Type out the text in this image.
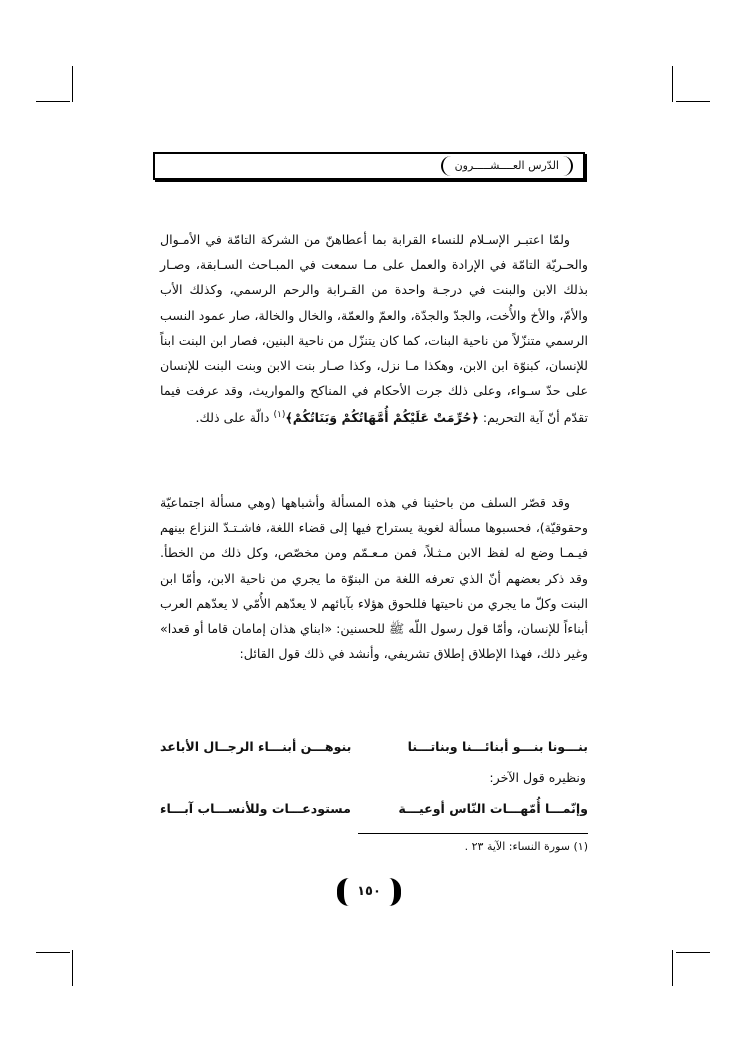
الدّرس العــــشـــــرون

ولمّا اعتبـر الإسـلام للنساء القرابة بما أعطاهنّ من الشركة التامّة في الأمـوال والحـريّة التامّة في الإرادة والعمل على مـا سمعت في المبـاحث السـابقة، وصـار بذلك الابن والبنت في درجـة واحدة من القـرابة والرحم الرسمي، وكذلك الأب والأمّ، والأخ والأُخت، والجدّ والجدّة، والعمّ والعمّة، والخال والخالة، صار عمود النسب الرسمي متنزّلاً من ناحية البنات، كما كان يتنزّل من ناحية البنين، فصار ابن البنت ابناً للإنسان، كبنوّة ابن الابن، وهكذا مـا نزل، وكذا صـار بنت الابن وبنت البنت للإنسان على حدّ سـواء، وعلى ذلك جرت الأحكام في المناكح والمواريث، وقد عرفت فيما تقدّم أنّ آية التحريم: ﴿حُرِّمَتْ عَلَيْكُمْ أُمَّهَاتُكُمْ وَبَنَاتُكُمْ﴾$^{(١)}$ دالّة على ذلك.

وقد قصّر السلف من باحثينا في هذه المسألة وأشباهها (وهي مسألة اجتماعيّة وحقوقيّة)، فحسبوها مسألة لغوية يستراح فيها إلى قضاء اللغة، فاشـتـدّ النزاع بينهم فيـمـا وضع له لفظ الابن مـثـلاً، فمن مـعـمّم ومن مخصّص، وكل ذلك من الخطأ. وقد ذكر بعضهم أنّ الذي تعرفه اللغة من البنوّة ما يجري من ناحية الابن، وأمّا ابن البنت وكلّ ما يجري من ناحيتها فللحوق هؤلاء بآبائهم لا يعدّهم الأُمّي لا يعدّهم العرب أبناءاً للإنسان، وأمّا قول رسول اللّه ﷺ للحسنين: «ابناي هذان إمامان قاما أو قعدا» وغير ذلك، فهذا الإطلاق إطلاق تشريفي، وأنشد في ذلك قول القائل:

بنـــونا بنـــو أبنائـــنا وبناتـــنا
بنوهـــن أبنـــاء الرجــال الأباعد
ونظيره قول الآخر:
وإنّمـــا أُمّهـــات النّاس أوعيـــة
مستودعـــات وللأنســـاب آبـــاء
(١) سورة النساء: الآية ٢٣ .
١٥٠
